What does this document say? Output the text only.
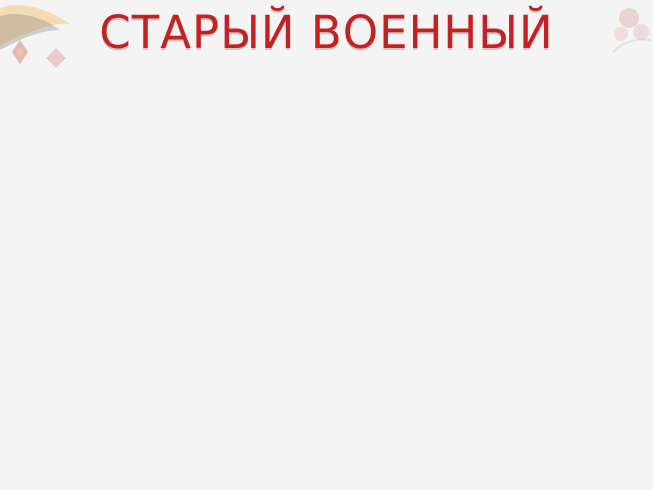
СТАРЫЙ ВОЕННЫЙ
